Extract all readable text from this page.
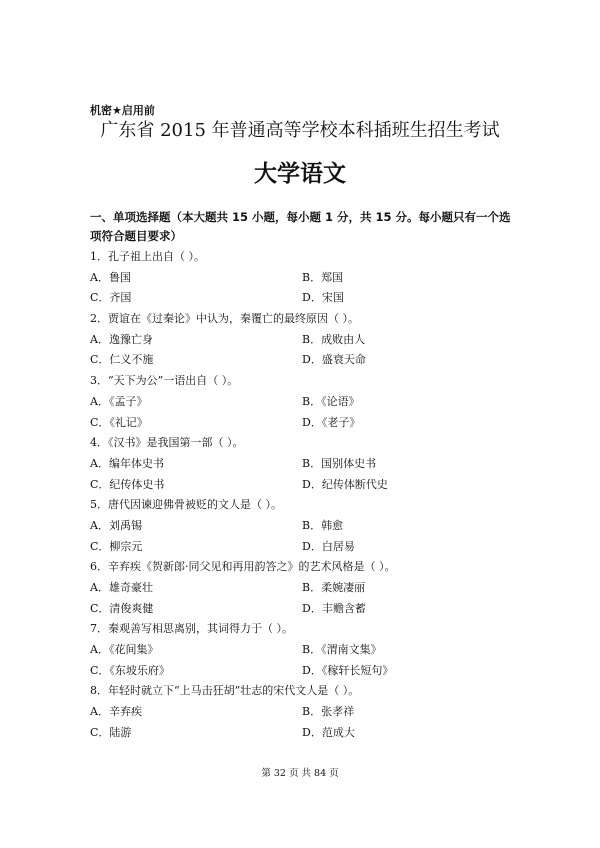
机密★启用前
广东省 2015 年普通高等学校本科插班生招生考试
大学语文
一、单项选择题（本大题共 15 小题，每小题 1 分，共 15 分。每小题只有一个选项符合题目要求）
1．孔子祖上出自（ ）。
A．鲁国	B．郑国
C．齐国	D．宋国
2．贾谊在《过秦论》中认为，秦覆亡的最终原因（ ）。
A．逸豫亡身	B．成败由人
C．仁义不施	D．盛衰天命
3．“天下为公”一语出自（ ）。
A．《孟子》	B．《论语》
C．《礼记》	D．《老子》
4．《汉书》是我国第一部（ ）。
A．编年体史书	B．国别体史书
C．纪传体史书	D．纪传体断代史
5．唐代因谏迎佛骨被贬的文人是（ ）。
A．刘禹锡	B．韩愈
C．柳宗元	D．白居易
6．辛弃疾《贺新郎·同父见和再用韵答之》的艺术风格是（ ）。
A．雄奇豪壮	B．柔婉凄丽
C．清俊爽健	D．丰赡含蓄
7．秦观善写相思离别，其词得力于（ ）。
A．《花间集》	B．《渭南文集》
C．《东坡乐府》	D．《稼轩长短句》
8．年轻时就立下“上马击狂胡”壮志的宋代文人是（ ）。
A．辛弃疾	B．张孝祥
C．陆游	D．范成大
第 32 页 共 84 页
